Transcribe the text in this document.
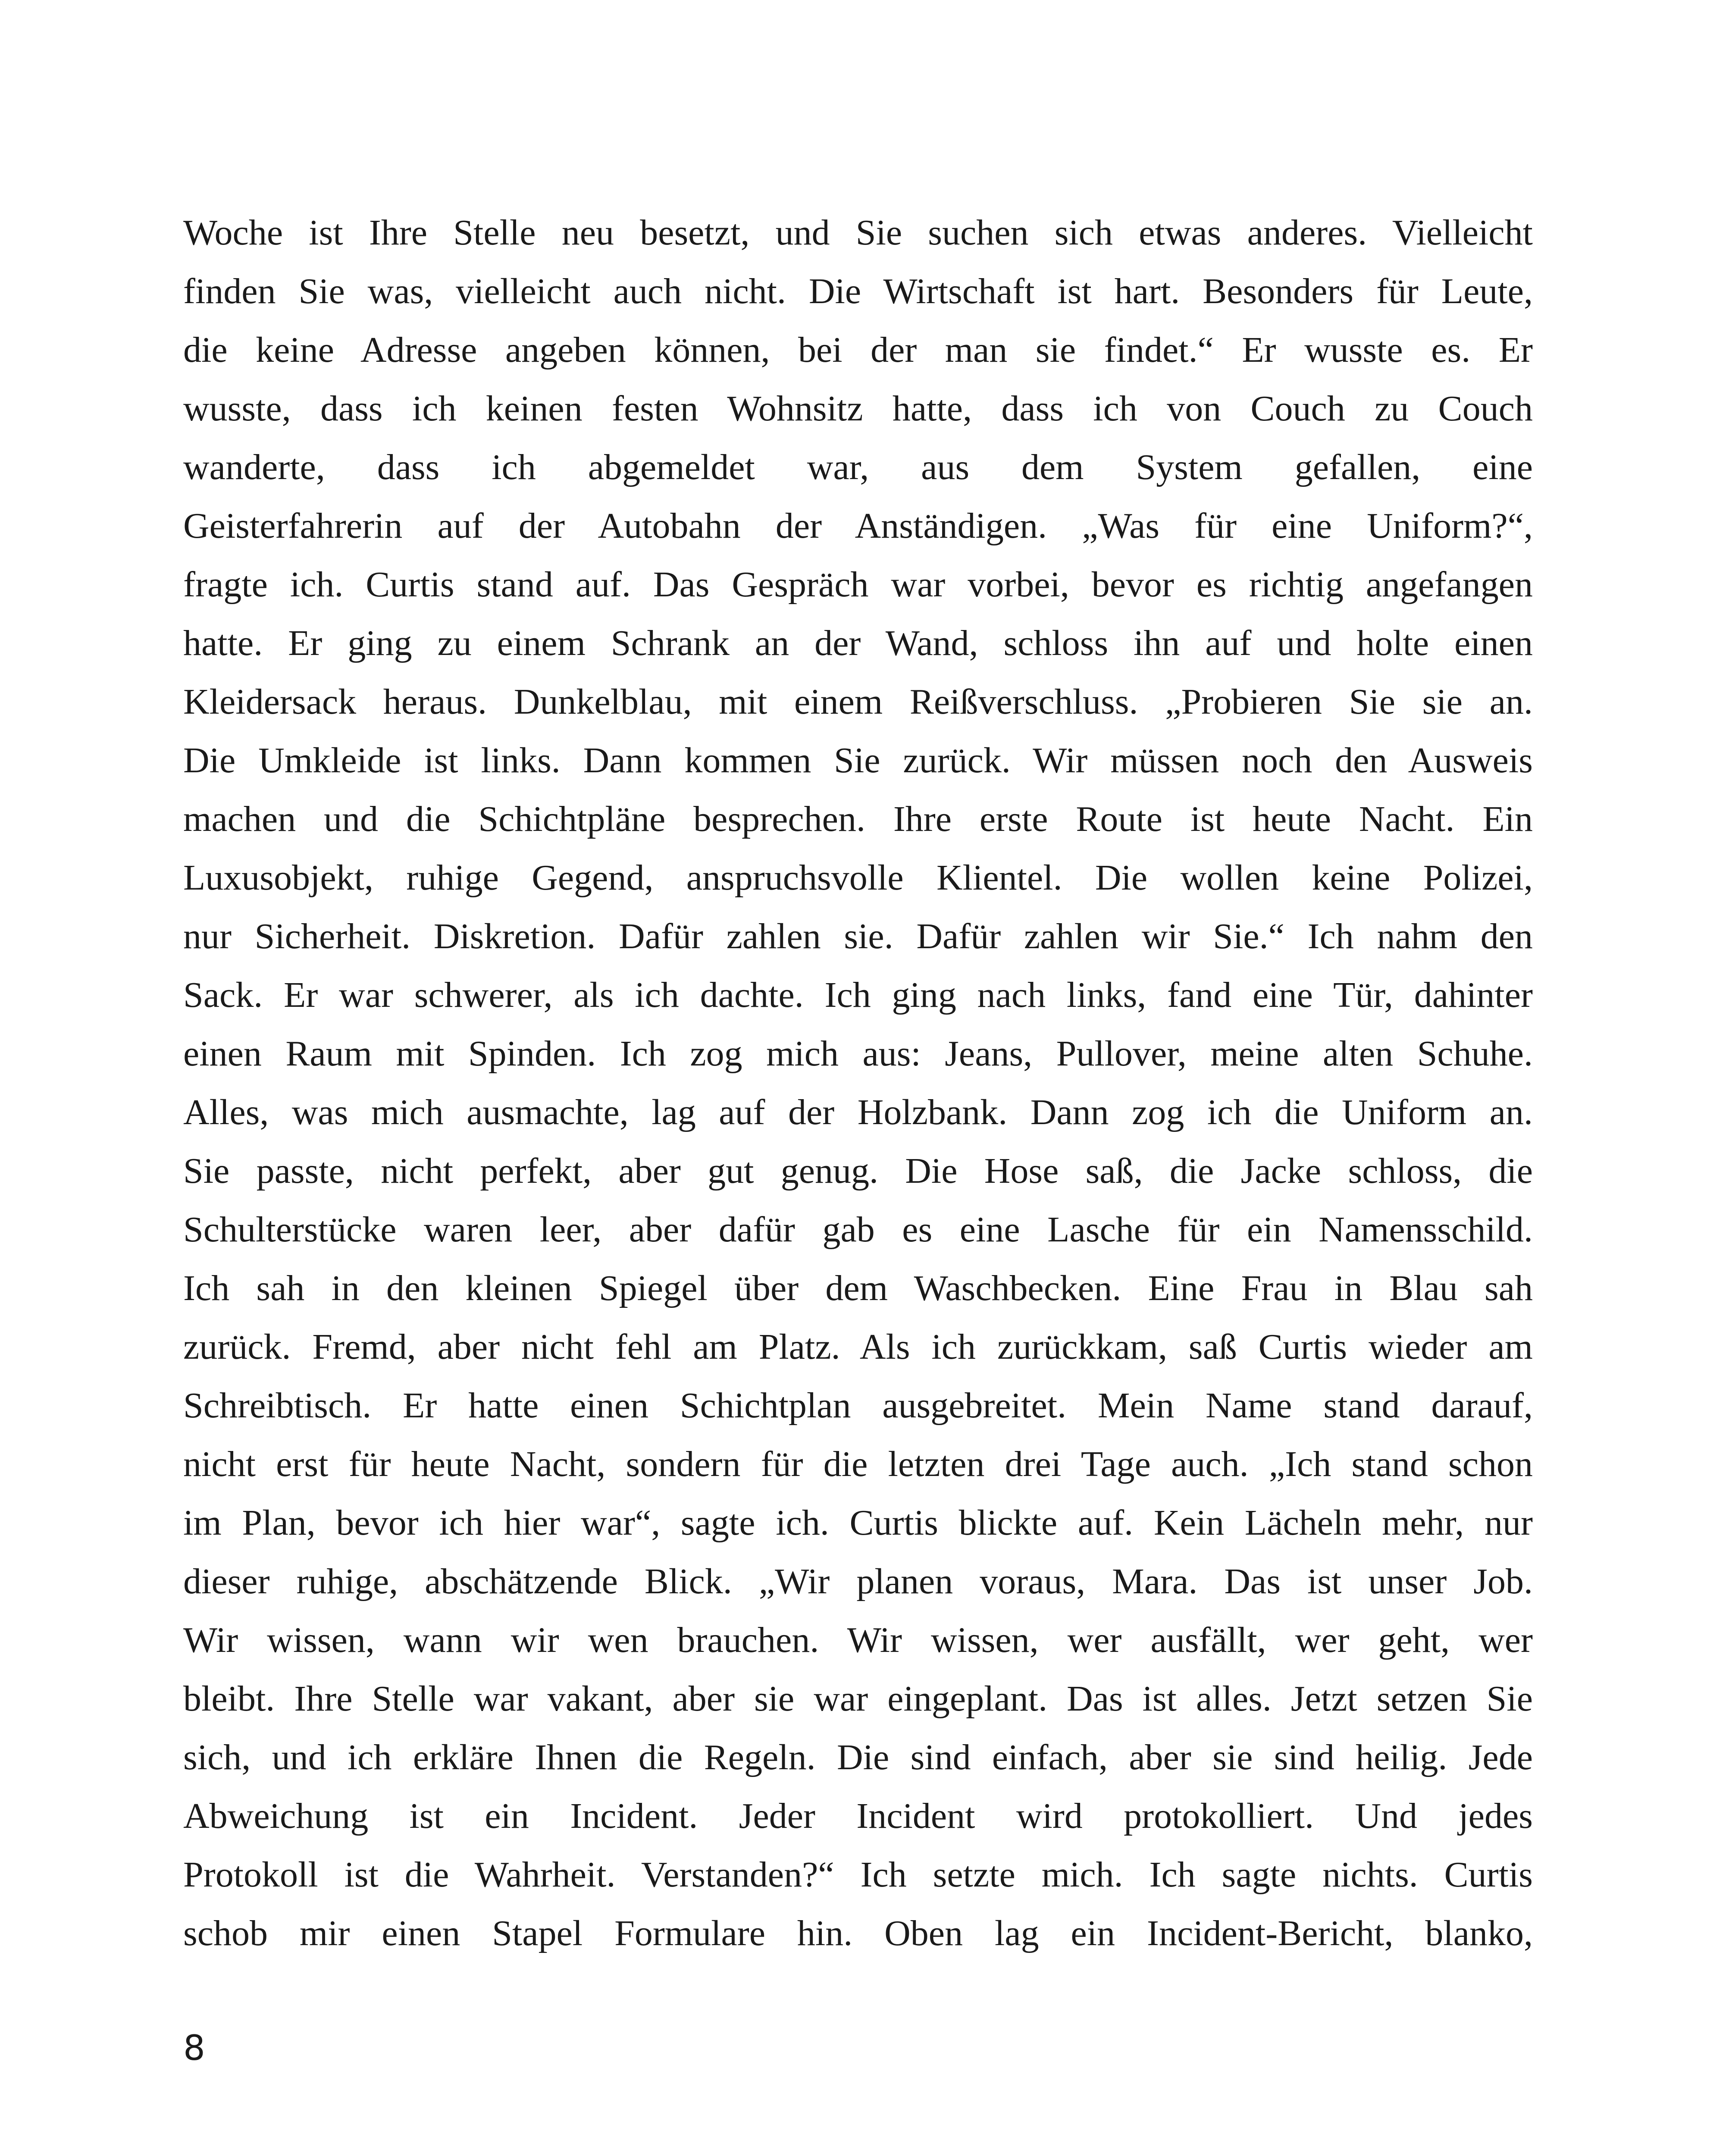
Woche ist Ihre Stelle neu besetzt, und Sie suchen sich etwas anderes. Vielleicht
finden Sie was, vielleicht auch nicht. Die Wirtschaft ist hart. Besonders für Leute,
die keine Adresse angeben können, bei der man sie findet.“ Er wusste es. Er
wusste, dass ich keinen festen Wohnsitz hatte, dass ich von Couch zu Couch
wanderte, dass ich abgemeldet war, aus dem System gefallen, eine
Geisterfahrerin auf der Autobahn der Anständigen. „Was für eine Uniform?“,
fragte ich. Curtis stand auf. Das Gespräch war vorbei, bevor es richtig angefangen
hatte. Er ging zu einem Schrank an der Wand, schloss ihn auf und holte einen
Kleidersack heraus. Dunkelblau, mit einem Reißverschluss. „Probieren Sie sie an.
Die Umkleide ist links. Dann kommen Sie zurück. Wir müssen noch den Ausweis
machen und die Schichtpläne besprechen. Ihre erste Route ist heute Nacht. Ein
Luxusobjekt, ruhige Gegend, anspruchsvolle Klientel. Die wollen keine Polizei,
nur Sicherheit. Diskretion. Dafür zahlen sie. Dafür zahlen wir Sie.“ Ich nahm den
Sack. Er war schwerer, als ich dachte. Ich ging nach links, fand eine Tür, dahinter
einen Raum mit Spinden. Ich zog mich aus: Jeans, Pullover, meine alten Schuhe.
Alles, was mich ausmachte, lag auf der Holzbank. Dann zog ich die Uniform an.
Sie passte, nicht perfekt, aber gut genug. Die Hose saß, die Jacke schloss, die
Schulterstücke waren leer, aber dafür gab es eine Lasche für ein Namensschild.
Ich sah in den kleinen Spiegel über dem Waschbecken. Eine Frau in Blau sah
zurück. Fremd, aber nicht fehl am Platz. Als ich zurückkam, saß Curtis wieder am
Schreibtisch. Er hatte einen Schichtplan ausgebreitet. Mein Name stand darauf,
nicht erst für heute Nacht, sondern für die letzten drei Tage auch. „Ich stand schon
im Plan, bevor ich hier war“, sagte ich. Curtis blickte auf. Kein Lächeln mehr, nur
dieser ruhige, abschätzende Blick. „Wir planen voraus, Mara. Das ist unser Job.
Wir wissen, wann wir wen brauchen. Wir wissen, wer ausfällt, wer geht, wer
bleibt. Ihre Stelle war vakant, aber sie war eingeplant. Das ist alles. Jetzt setzen Sie
sich, und ich erkläre Ihnen die Regeln. Die sind einfach, aber sie sind heilig. Jede
Abweichung ist ein Incident. Jeder Incident wird protokolliert. Und jedes
Protokoll ist die Wahrheit. Verstanden?“ Ich setzte mich. Ich sagte nichts. Curtis
schob mir einen Stapel Formulare hin. Oben lag ein Incident-Bericht, blanko,
8
